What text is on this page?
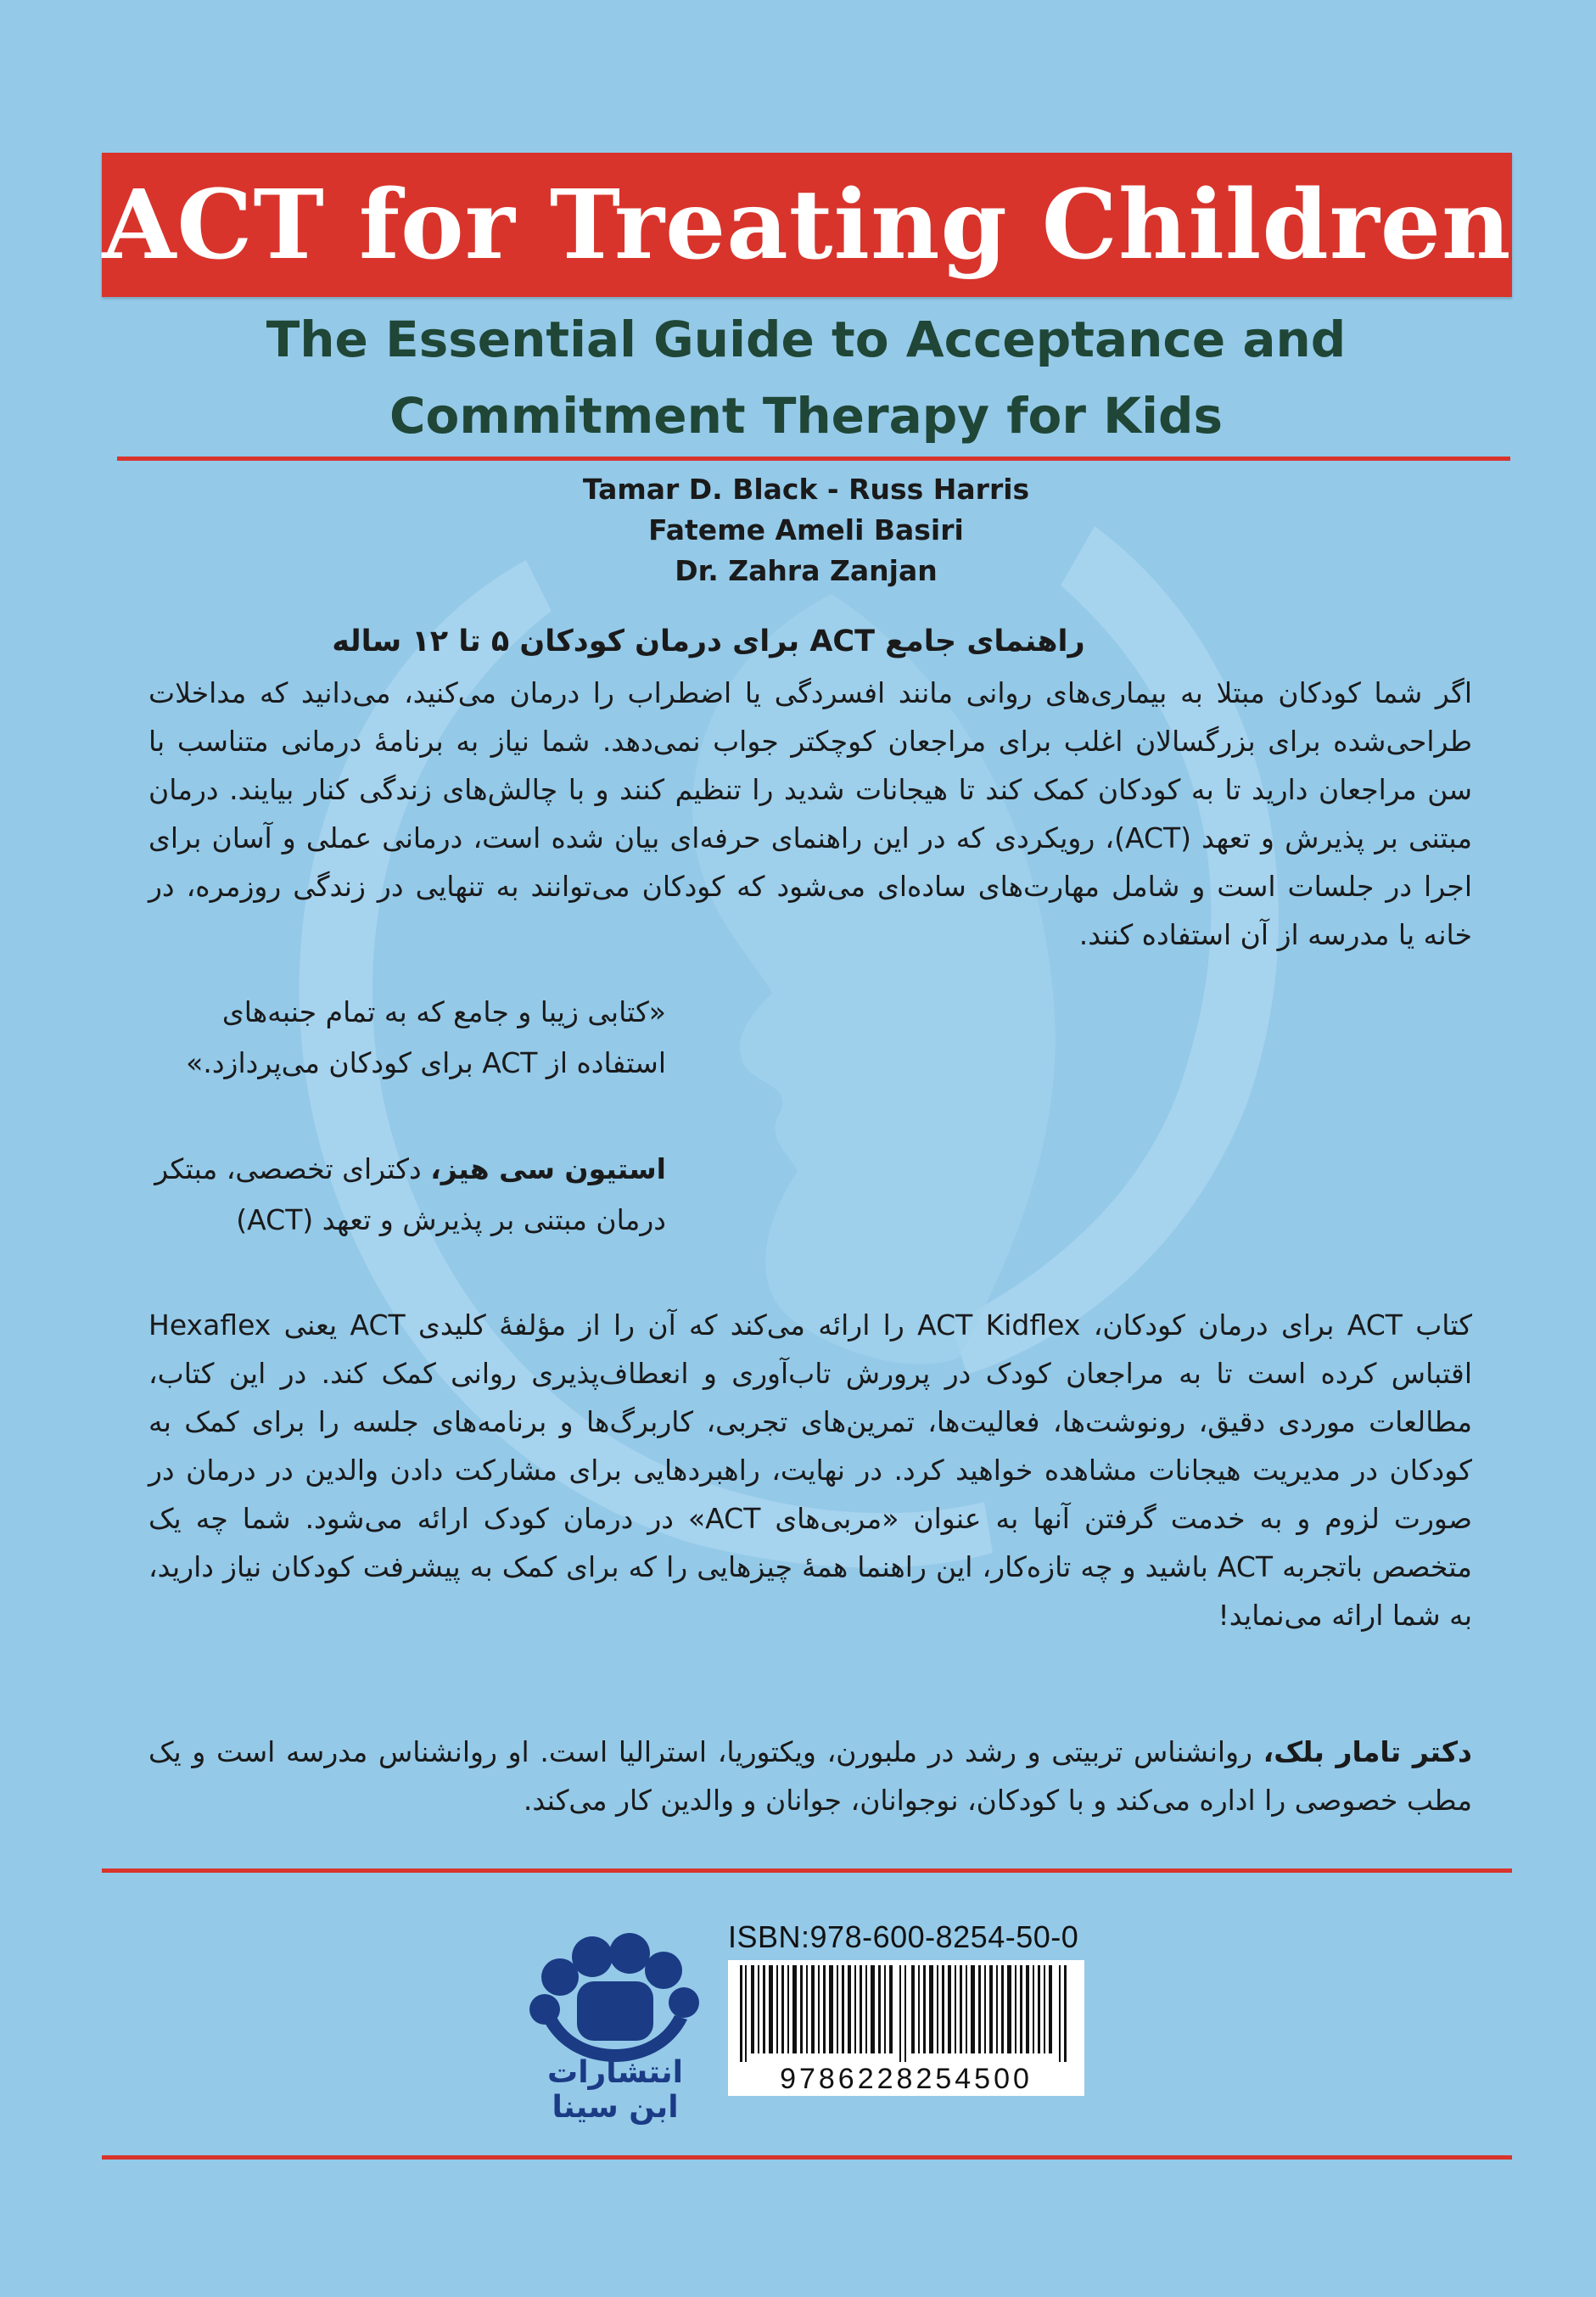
ACT for Treating Children
The Essential Guide to Acceptance and
Commitment Therapy for Kids
Tamar D. Black - Russ Harris
Fateme Ameli Basiri
Dr. Zahra Zanjan
راهنمای جامع ACT برای درمان کودکان ۵ تا ۱۲ ساله
اگر شما کودکان مبتلا به بیماری‌های روانی مانند افسردگی یا اضطراب را درمان می‌کنید، می‌دانید که مداخلات طراحی‌شده برای بزرگسالان اغلب برای مراجعان کوچکتر جواب نمی‌دهد. شما نیاز به برنامهٔ درمانی متناسب با سن مراجعان دارید تا به کودکان کمک کند تا هیجانات شدید را تنظیم کنند و با چالش‌های زندگی کنار بیایند. درمان مبتنی بر پذیرش و تعهد (ACT)، رویکردی که در این راهنمای حرفه‌ای بیان شده است، درمانی عملی و آسان برای اجرا در جلسات است و شامل مهارت‌های ساده‌ای می‌شود که کودکان می‌توانند به تنهایی در زندگی روزمره، در خانه یا مدرسه از آن استفاده کنند.
«کتابی زیبا و جامع که به تمام جنبه‌های استفاده از ACT برای کودکان می‌پردازد.»
استیون سی هیز، دکترای تخصصی، مبتکر درمان مبتنی بر پذیرش و تعهد (ACT)
کتاب ACT برای درمان کودکان، ACT Kidflex را ارائه می‌کند که آن را از مؤلفهٔ کلیدی ACT یعنی Hexaflex اقتباس کرده است تا به مراجعان کودک در پرورش تاب‌آوری و انعطاف‌پذیری روانی کمک کند. در این کتاب، مطالعات موردی دقیق، رونوشت‌ها، فعالیت‌ها، تمرین‌های تجربی، کاربرگ‌ها و برنامه‌های جلسه را برای کمک به کودکان در مدیریت هیجانات مشاهده خواهید کرد. در نهایت، راهبردهایی برای مشارکت دادن والدین در درمان در صورت لزوم و به خدمت گرفتن آنها به عنوان «مربی‌های ACT» در درمان کودک ارائه می‌شود. شما چه یک متخصص باتجربه ACT باشید و چه تازه‌کار، این راهنما همهٔ چیزهایی را که برای کمک به پیشرفت کودکان نیاز دارید، به شما ارائه می‌نماید!
دکتر تامار بلک، روانشناس تربیتی و رشد در ملبورن، ویکتوریا، استرالیا است. او روانشناس مدرسه است و یک مطب خصوصی را اداره می‌کند و با کودکان، نوجوانان، جوانان و والدین کار می‌کند.
انتشارات ابن سینا
ISBN:978-600-8254-50-0
9786228254500
